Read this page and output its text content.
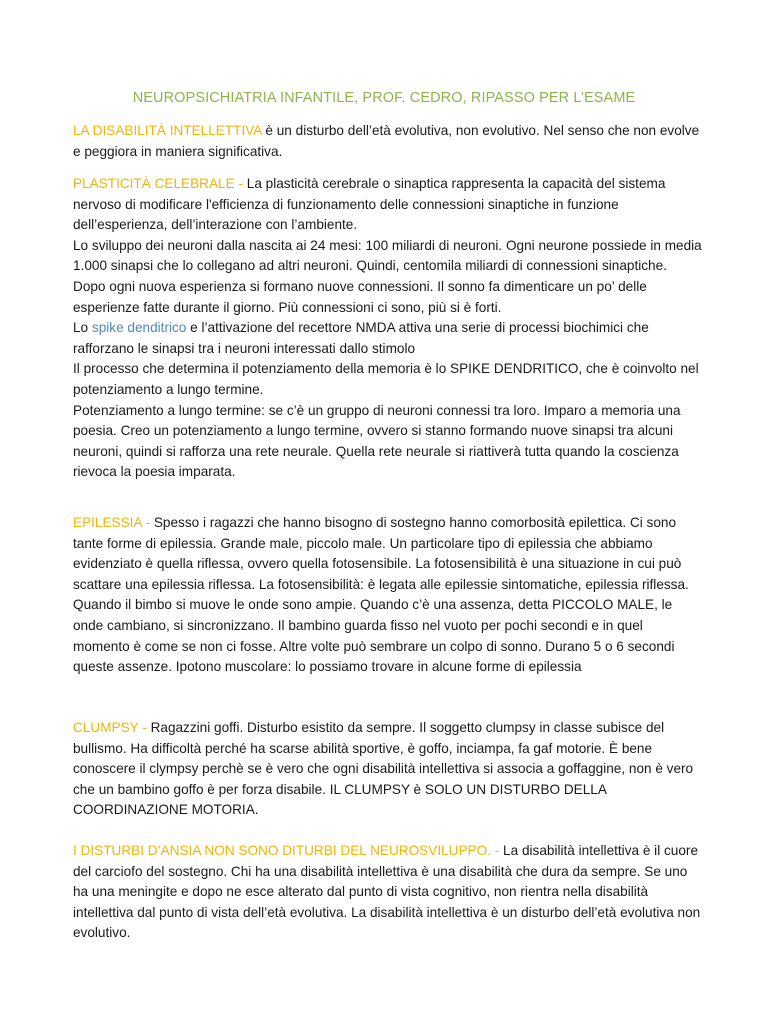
NEUROPSICHIATRIA INFANTILE, PROF. CEDRO, RIPASSO PER L’ESAME

LA DISABILITÀ INTELLETTIVA è un disturbo dell’età evolutiva, non evolutivo. Nel senso che non evolve e peggiora in maniera significativa.

PLASTICITÀ CELEBRALE - La plasticità cerebrale o sinaptica rappresenta la capacità del sistema nervoso di modificare l'efficienza di funzionamento delle connessioni sinaptiche in funzione dell’esperienza, dell’interazione con l’ambiente.

Lo sviluppo dei neuroni dalla nascita ai 24 mesi: 100 miliardi di neuroni. Ogni neurone possiede in media 1.000 sinapsi che lo collegano ad altri neuroni. Quindi, centomila miliardi di connessioni sinaptiche. Dopo ogni nuova esperienza si formano nuove connessioni. Il sonno fa dimenticare un po’ delle esperienze fatte durante il giorno. Più connessioni ci sono, più si è forti.

Lo spike denditrico e l’attivazione del recettore NMDA attiva una serie di processi biochimici che rafforzano le sinapsi tra i neuroni interessati dallo stimolo

Il processo che determina il potenziamento della memoria è lo SPIKE DENDRITICO, che è coinvolto nel potenziamento a lungo termine.

Potenziamento a lungo termine: se c’è un gruppo di neuroni connessi tra loro. Imparo a memoria una poesia. Creo un potenziamento a lungo termine, ovvero si stanno formando nuove sinapsi tra alcuni neuroni, quindi si rafforza una rete neurale. Quella rete neurale si riattiverà tutta quando la coscienza rievoca la poesia imparata.

EPILESSIA - Spesso i ragazzi che hanno bisogno di sostegno hanno comorbosità epilettica. Ci sono tante forme di epilessia. Grande male, piccolo male. Un particolare tipo di epilessia che abbiamo evidenziato è quella riflessa, ovvero quella fotosensibile. La fotosensibilità è una situazione in cui può scattare una epilessia riflessa. La fotosensibilità: è legata alle epilessie sintomatiche, epilessia riflessa.

Quando il bimbo si muove le onde sono ampie. Quando c’è una assenza, detta PICCOLO MALE, le onde cambiano, si sincronizzano. Il bambino guarda fisso nel vuoto per pochi secondi e in quel momento è come se non ci fosse. Altre volte può sembrare un colpo di sonno. Durano 5 o 6 secondi queste assenze. Ipotono muscolare: lo possiamo trovare in alcune forme di epilessia

CLUMPSY - Ragazzini goffi. Disturbo esistito da sempre. Il soggetto clumpsy in classe subisce del bullismo. Ha difficoltà perché ha scarse abilità sportive, è goffo, inciampa, fa gaf motorie. È bene conoscere il clympsy perchè se è vero che ogni disabilità intellettiva si associa a goffaggine, non è vero che un bambino goffo è per forza disabile. IL CLUMPSY è SOLO UN DISTURBO DELLA COORDINAZIONE MOTORIA.

I DISTURBI D’ANSIA NON SONO DITURBI DEL NEUROSVILUPPO. - La disabilità intellettiva è il cuore del carciofo del sostegno. Chi ha una disabilità intellettiva è una disabilità che dura da sempre. Se uno ha una meningite e dopo ne esce alterato dal punto di vista cognitivo, non rientra nella disabilità intellettiva dal punto di vista dell’età evolutiva. La disabilità intellettiva è un disturbo dell’età evolutiva non evolutivo.
